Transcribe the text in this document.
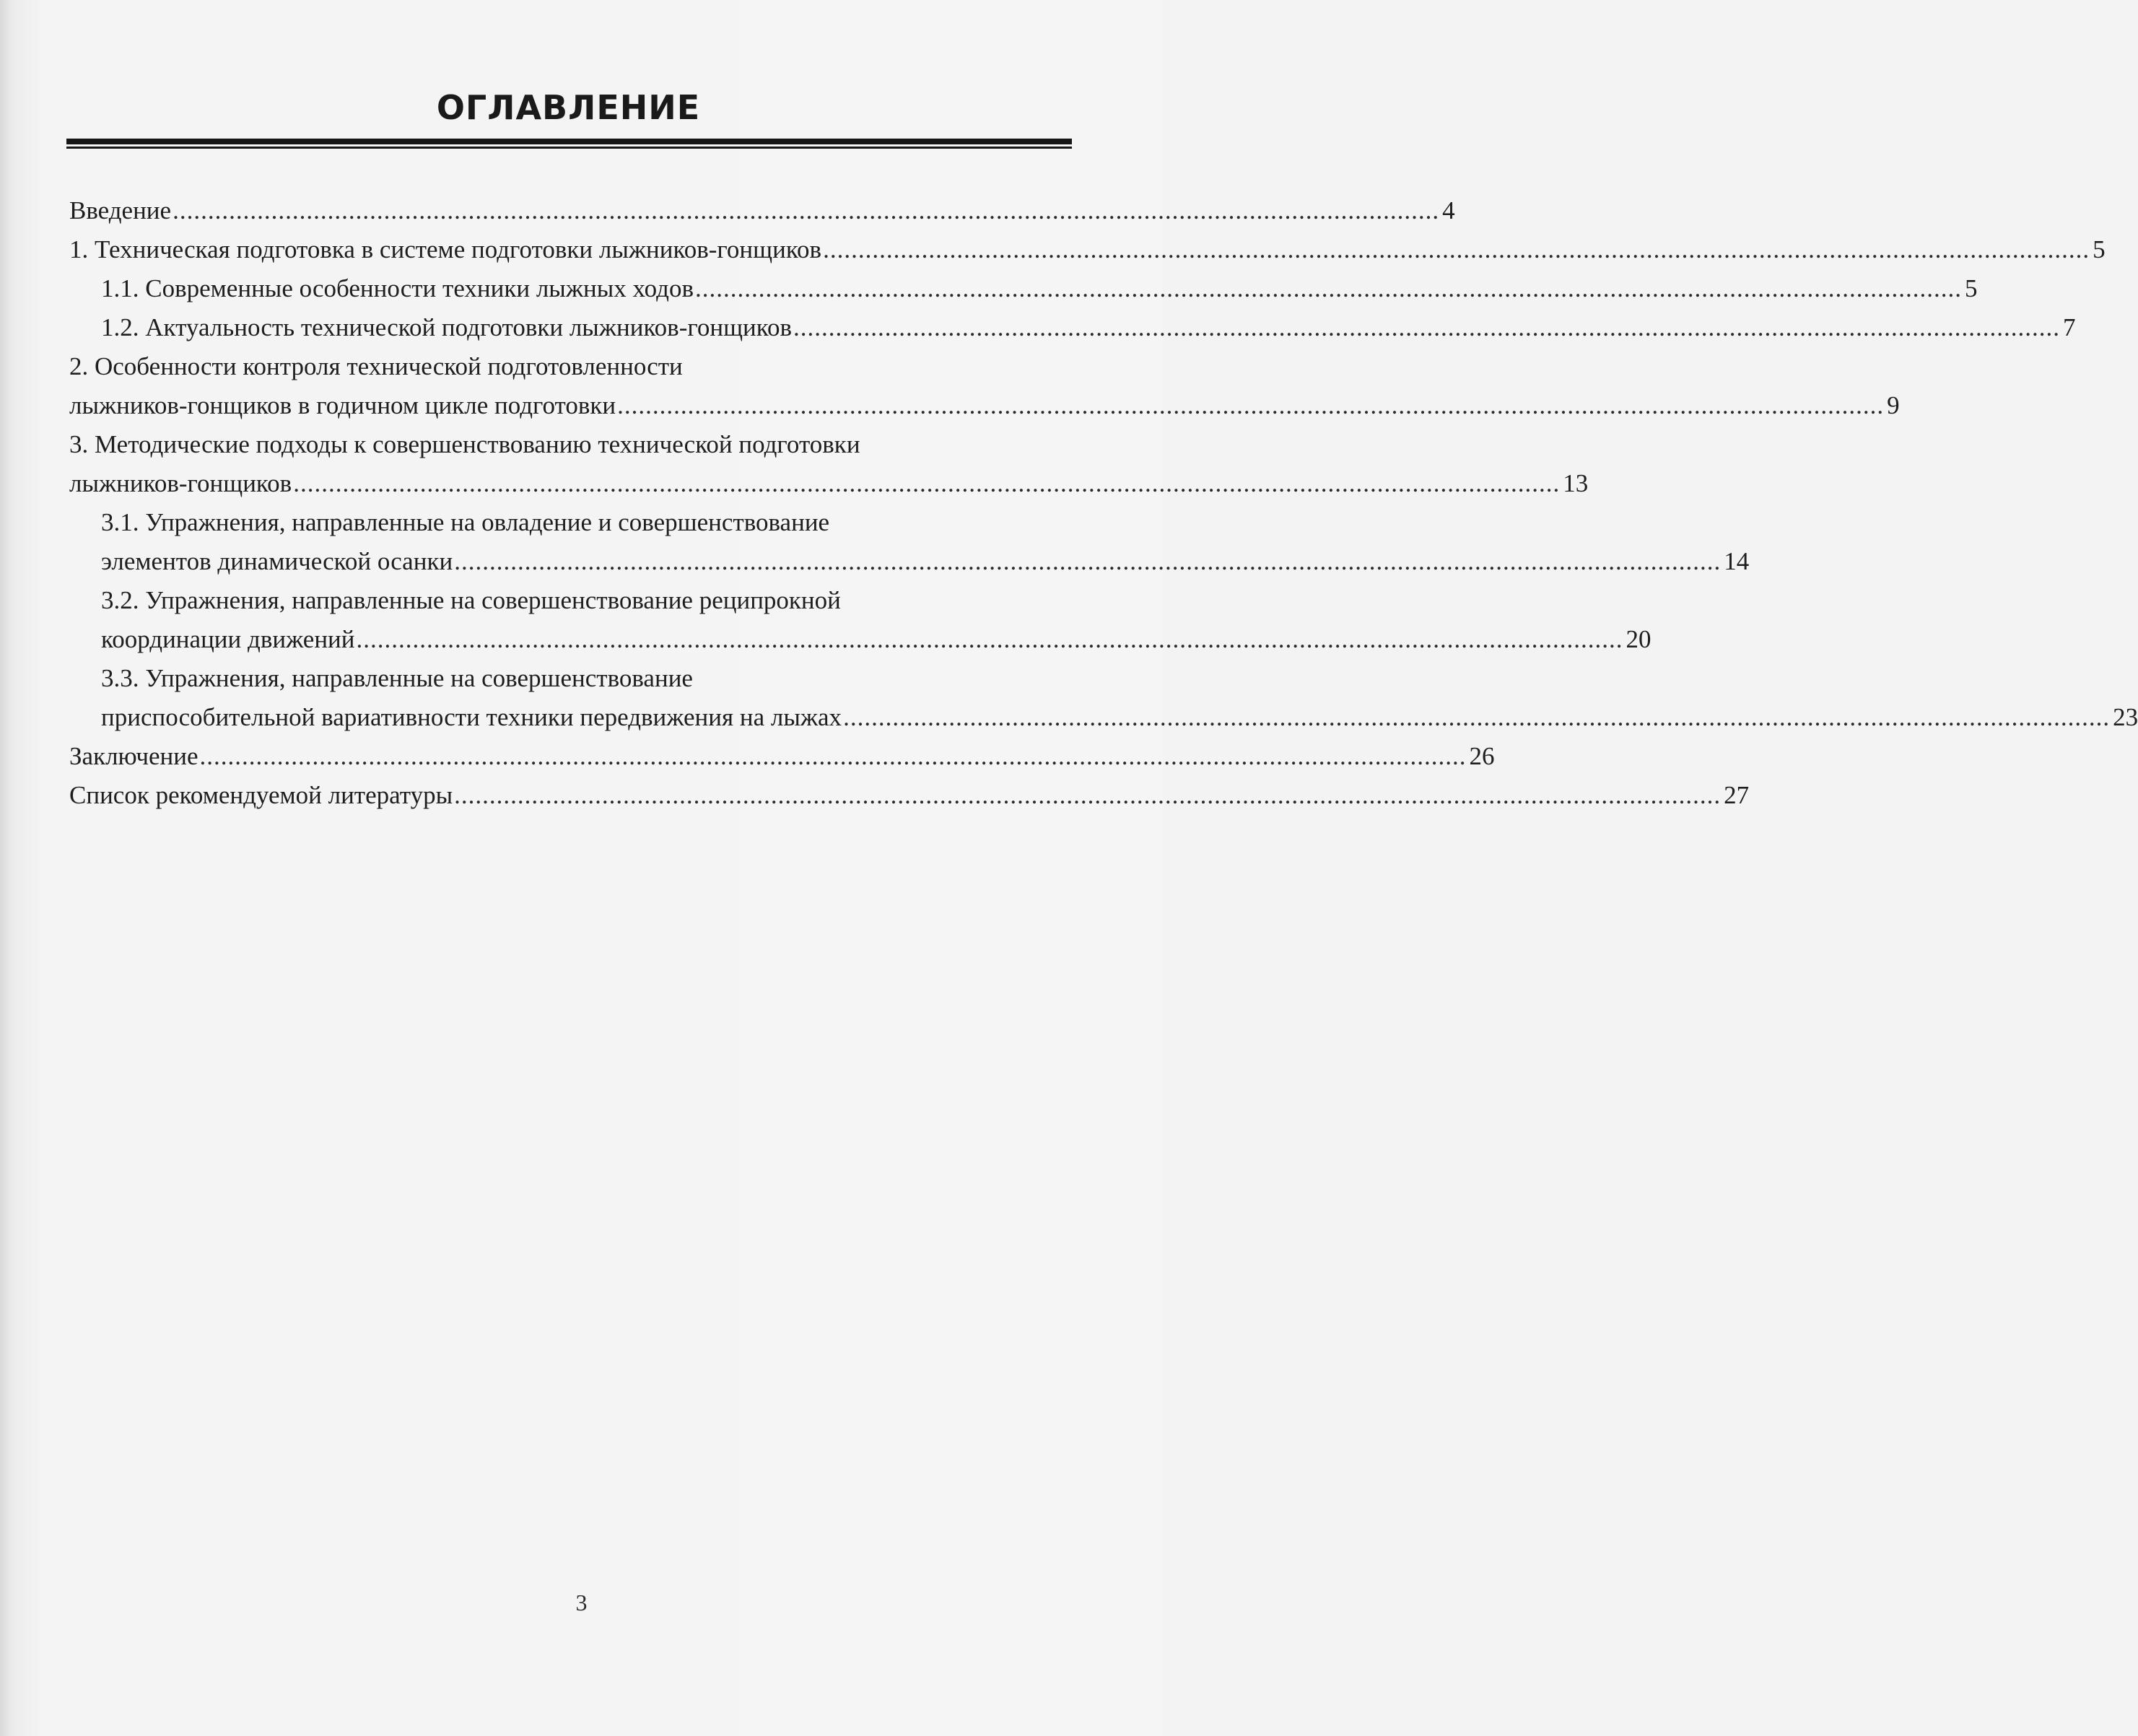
ОГЛАВЛЕНИЕ
Введение .................................................................................................................................................................................... 4
1. Техническая подготовка в системе подготовки лыжников-гонщиков .................................................................................................................................................................................... 5
1.1. Современные особенности техники лыжных ходов .................................................................................................................................................................................... 5
1.2. Актуальность технической подготовки лыжников-гонщиков .................................................................................................................................................................................... 7
2. Особенности контроля технической подготовленности
лыжников-гонщиков в годичном цикле подготовки .................................................................................................................................................................................... 9
3. Методические подходы к совершенствованию технической подготовки
лыжников-гонщиков .................................................................................................................................................................................... 13
3.1. Упражнения, направленные на овладение и совершенствование
элементов динамической осанки .................................................................................................................................................................................... 14
3.2. Упражнения, направленные на совершенствование реципрокной
координации движений .................................................................................................................................................................................... 20
3.3. Упражнения, направленные на совершенствование
приспособительной вариативности техники передвижения на лыжах .................................................................................................................................................................................... 23
Заключение .................................................................................................................................................................................... 26
Список рекомендуемой литературы .................................................................................................................................................................................... 27
3
